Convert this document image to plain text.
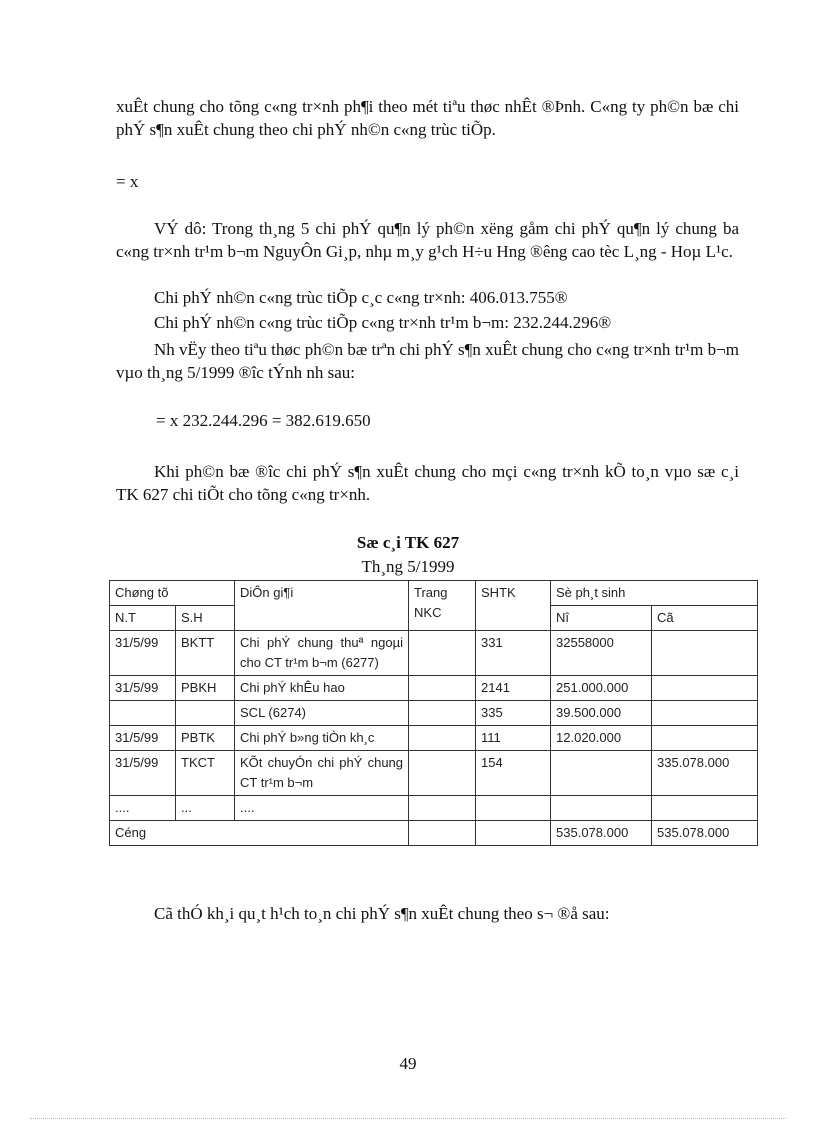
xuÊt chung cho tõng c«ng tr×nh ph¶i theo mét tiªu thøc nhÊt ®Þnh. C«ng ty ph©n bæ chi phÝ s¶n xuÊt chung theo chi phÝ nh©n c«ng trùc tiÕp.
= x
VÝ dô: Trong th¸ng 5 chi phÝ qu¶n lý ph©n xëng gåm chi phÝ qu¶n lý chung ba c«ng tr×nh tr¹m b¬m NguyÔn Gi¸p, nhµ m¸y g¹ch H÷u Hng ®êng cao tèc L¸ng - Hoµ L¹c.
Chi phÝ nh©n c«ng trùc tiÕp c¸c c«ng tr×nh: 406.013.755®
Chi phÝ nh©n c«ng trùc tiÕp c«ng tr×nh tr¹m b¬m: 232.244.296®
Nh vËy theo tiªu thøc ph©n bæ trªn chi phÝ s¶n xuÊt chung cho c«ng tr×nh tr¹m b¬m vµo th¸ng 5/1999 ®îc tÝnh nh sau:
= x 232.244.296 = 382.619.650
Khi ph©n bæ ®îc chi phÝ s¶n xuÊt chung cho mçi c«ng tr×nh kÕ to¸n vµo sæ c¸i TK 627 chi tiÕt cho tõng c«ng tr×nh.
Sæ c¸i TK 627
Th¸ng 5/1999
Chøng tõ		DiÔn gi¶i	Trang NKC	SHTK	Sè ph¸t sinh	
N.T	S.H				Nî	Cã
31/5/99	BKTT	Chi phÝ chung thuª ngoµi cho CT tr¹m b¬m (6277)		331	32558000	
31/5/99	PBKH	Chi phÝ khÊu hao		2141	251.000.000	
		SCL (6274)		335	39.500.000	
31/5/99	PBTK	Chi phÝ b»ng tiÒn kh¸c		111	12.020.000	
31/5/99	TKCT	KÕt chuyÓn chi phÝ chung CT tr¹m b¬m		154		335.078.000
....	...	....				
Céng					535.078.000	535.078.000
Cã thÓ kh¸i qu¸t h¹ch to¸n chi phÝ s¶n xuÊt chung theo s¬ ®å sau:
49
